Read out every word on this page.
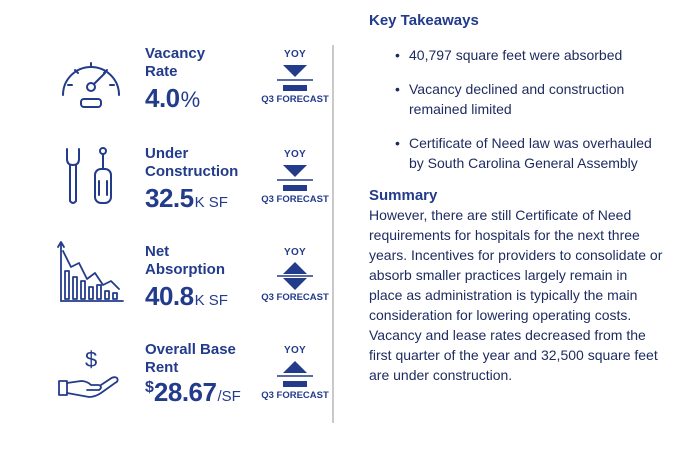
Vacancy
Rate
4.0%
YOY
Q3 FORECAST
Under
Construction
32.5K SF
YOY
Q3 FORECAST
Net
Absorption
40.8K SF
YOY
Q3 FORECAST
$	Overall Base
Rent
$28.67/SF
YOY
Q3 FORECAST
Key Takeaways
• 40,797 square feet were absorbed
• Vacancy declined and construction remained limited
• Certificate of Need law was overhauled by South Carolina General Assembly
Summary

However, there are still Certificate of Need requirements for hospitals for the next three years. Incentives for providers to consolidate or absorb smaller practices largely remain in place as administration is typically the main consideration for lowering operating costs. Vacancy and lease rates decreased from the first quarter of the year and 32,500 square feet are under construction.
